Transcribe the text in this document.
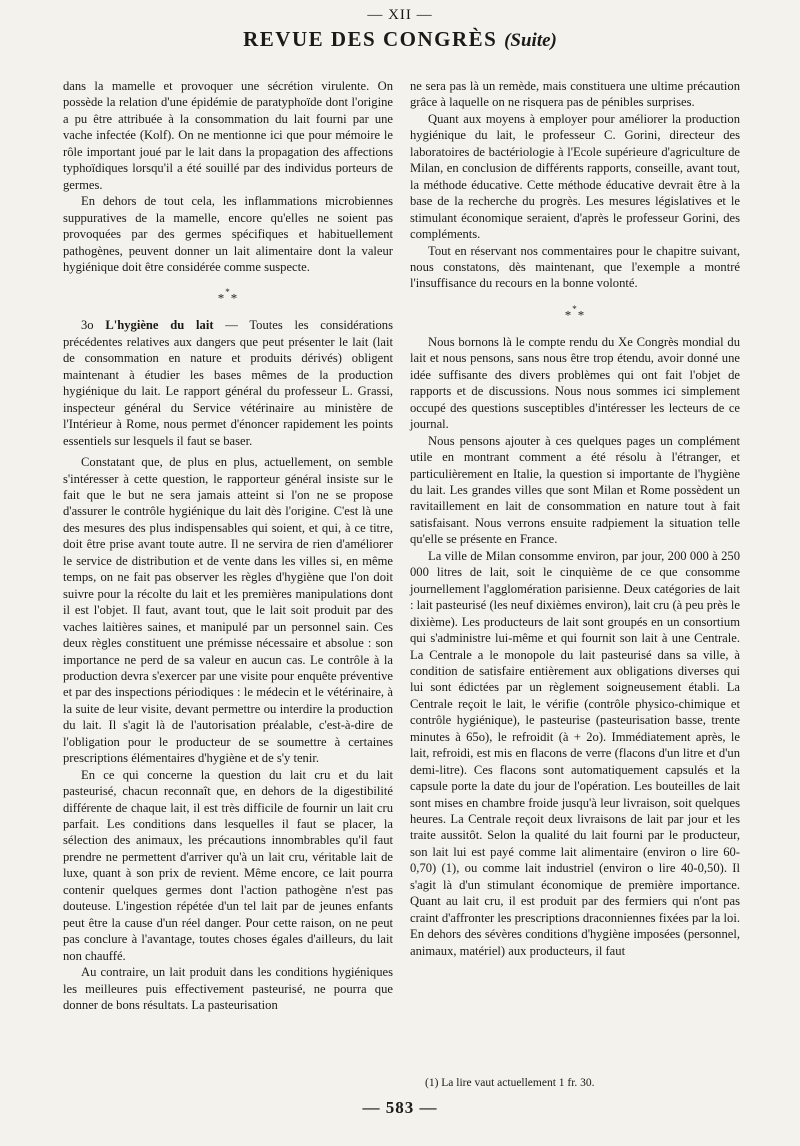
— XII —
REVUE DES CONGRÈS (Suite)

dans la mamelle et provoquer une sécrétion virulente. On possède la relation d'une épidémie de paratyphoïde dont l'origine a pu être attribuée à la consommation du lait fourni par une vache infectée (Kolf). On ne mentionne ici que pour mémoire le rôle important joué par le lait dans la propagation des affections typhoïdiques lorsqu'il a été souillé par des individus porteurs de germes.

En dehors de tout cela, les inflammations microbiennes suppuratives de la mamelle, encore qu'elles ne soient pas provoquées par des germes spécifiques et habituellement pathogènes, peuvent donner un lait alimentaire dont la valeur hygiénique doit être considérée comme suspecte.

***

3o L'hygiène du lait — Toutes les considérations précédentes relatives aux dangers que peut présenter le lait (lait de consommation en nature et produits dérivés) obligent maintenant à étudier les bases mêmes de la production hygiénique du lait. Le rapport général du professeur L. Grassi, inspecteur général du Service vétérinaire au ministère de l'Intérieur à Rome, nous permet d'énoncer rapidement les points essentiels sur lesquels il faut se baser.

Constatant que, de plus en plus, actuellement, on semble s'intéresser à cette question, le rapporteur général insiste sur le fait que le but ne sera jamais atteint si l'on ne se propose d'assurer le contrôle hygiénique du lait dès l'origine. C'est là une des mesures des plus indispensables qui soient, et qui, à ce titre, doit être prise avant toute autre. Il ne servira de rien d'améliorer le service de distribution et de vente dans les villes si, en même temps, on ne fait pas observer les règles d'hygiène que l'on doit suivre pour la récolte du lait et les premières manipulations dont il est l'objet. Il faut, avant tout, que le lait soit produit par des vaches laitières saines, et manipulé par un personnel sain. Ces deux règles constituent une prémisse nécessaire et absolue : son importance ne perd de sa valeur en aucun cas. Le contrôle à la production devra s'exercer par une visite pour enquête préventive et par des inspections périodiques : le médecin et le vétérinaire, à la suite de leur visite, devant permettre ou interdire la production du lait. Il s'agit là de l'autorisation préalable, c'est-à-dire de l'obligation pour le producteur de se soumettre à certaines prescriptions élémentaires d'hygiène et de s'y tenir.

En ce qui concerne la question du lait cru et du lait pasteurisé, chacun reconnaît que, en dehors de la digestibilité différente de chaque lait, il est très difficile de fournir un lait cru parfait. Les conditions dans lesquelles il faut se placer, la sélection des animaux, les précautions innombrables qu'il faut prendre ne permettent d'arriver qu'à un lait cru, véritable lait de luxe, quant à son prix de revient. Même encore, ce lait pourra contenir quelques germes dont l'action pathogène n'est pas douteuse. L'ingestion répétée d'un tel lait par de jeunes enfants peut être la cause d'un réel danger. Pour cette raison, on ne peut pas conclure à l'avantage, toutes choses égales d'ailleurs, du lait non chauffé.

Au contraire, un lait produit dans les conditions hygiéniques les meilleures puis effectivement pasteurisé, ne pourra que donner de bons résultats. La pasteurisation

ne sera pas là un remède, mais constituera une ultime précaution grâce à laquelle on ne risquera pas de pénibles surprises.

Quant aux moyens à employer pour améliorer la production hygiénique du lait, le professeur C. Gorini, directeur des laboratoires de bactériologie à l'Ecole supérieure d'agriculture de Milan, en conclusion de différents rapports, conseille, avant tout, la méthode éducative. Cette méthode éducative devrait être à la base de la recherche du progrès. Les mesures législatives et le stimulant économique seraient, d'après le professeur Gorini, des compléments.

Tout en réservant nos commentaires pour le chapitre suivant, nous constatons, dès maintenant, que l'exemple a montré l'insuffisance du recours en la bonne volonté.

***

Nous bornons là le compte rendu du Xe Congrès mondial du lait et nous pensons, sans nous être trop étendu, avoir donné une idée suffisante des divers problèmes qui ont fait l'objet de rapports et de discussions. Nous nous sommes ici simplement occupé des questions susceptibles d'intéresser les lecteurs de ce journal.

Nous pensons ajouter à ces quelques pages un complément utile en montrant comment a été résolu à l'étranger, et particulièrement en Italie, la question si importante de l'hygiène du lait. Les grandes villes que sont Milan et Rome possèdent un ravitaillement en lait de consommation en nature tout à fait satisfaisant. Nous verrons ensuite radpiement la situation telle qu'elle se présente en France.

La ville de Milan consomme environ, par jour, 200 000 à 250 000 litres de lait, soit le cinquième de ce que consomme journellement l'agglomération parisienne. Deux catégories de lait : lait pasteurisé (les neuf dixièmes environ), lait cru (à peu près le dixième). Les producteurs de lait sont groupés en un consortium qui s'administre lui-même et qui fournit son lait à une Centrale. La Centrale a le monopole du lait pasteurisé dans sa ville, à condition de satisfaire entièrement aux obligations diverses qui lui sont édictées par un règlement soigneusement établi. La Centrale reçoit le lait, le vérifie (contrôle physico-chimique et contrôle hygiénique), le pasteurise (pasteurisation basse, trente minutes à 65o), le refroidit (à + 2o). Immédiatement après, le lait, refroidi, est mis en flacons de verre (flacons d'un litre et d'un demi-litre). Ces flacons sont automatiquement capsulés et la capsule porte la date du jour de l'opération. Les bouteilles de lait sont mises en chambre froide jusqu'à leur livraison, soit quelques heures. La Centrale reçoit deux livraisons de lait par jour et les traite aussitôt. Selon la qualité du lait fourni par le producteur, son lait lui est payé comme lait alimentaire (environ o lire 60-0,70) (1), ou comme lait industriel (environ o lire 40-0,50). Il s'agit là d'un stimulant économique de première importance. Quant au lait cru, il est produit par des fermiers qui n'ont pas craint d'affronter les prescriptions draconniennes fixées par la loi. En dehors des sévères conditions d'hygiène imposées (personnel, animaux, matériel) aux producteurs, il faut

(1) La lire vaut actuellement 1 fr. 30.
— 583 —
